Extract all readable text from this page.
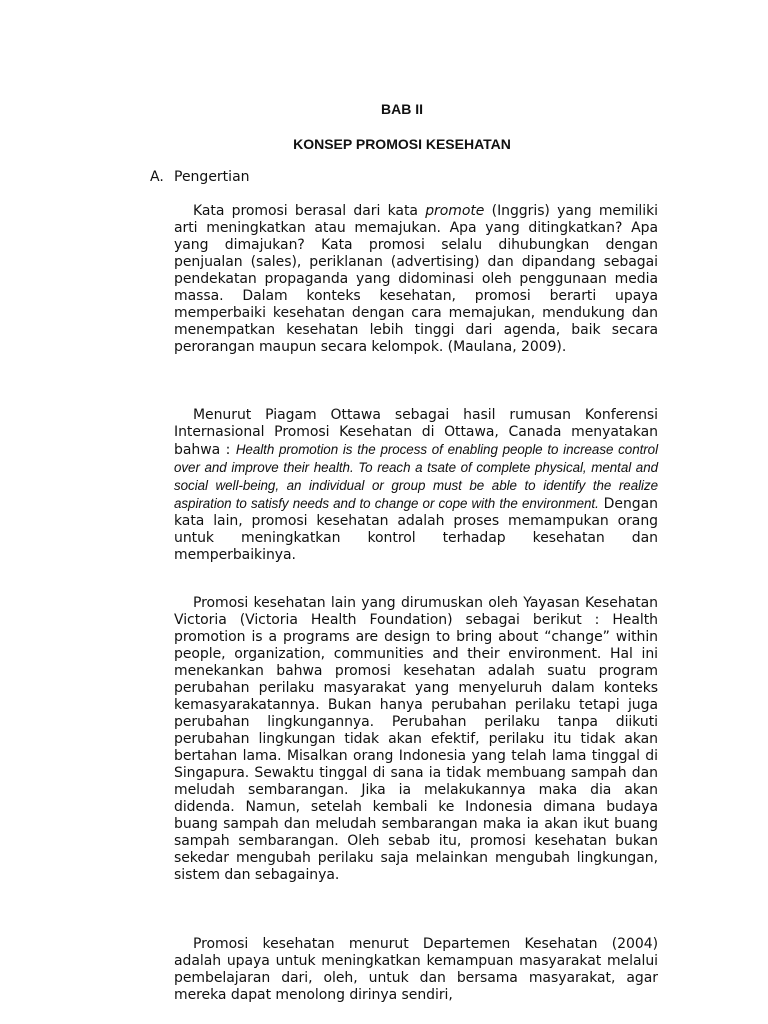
BAB II
KONSEP PROMOSI KESEHATAN
A. Pengertian

Kata promosi berasal dari kata promote (Inggris) yang memiliki arti meningkatkan atau memajukan. Apa yang ditingkatkan? Apa yang dimajukan? Kata promosi selalu dihubungkan dengan penjualan (sales), periklanan (advertising) dan dipandang sebagai pendekatan propaganda yang didominasi oleh penggunaan media massa. Dalam konteks kesehatan, promosi berarti upaya memperbaiki kesehatan dengan cara memajukan, mendukung dan menempatkan kesehatan lebih tinggi dari agenda, baik secara perorangan maupun secara kelompok. (Maulana, 2009).

Menurut Piagam Ottawa sebagai hasil rumusan Konferensi Internasional Promosi Kesehatan di Ottawa, Canada menyatakan bahwa : Health promotion is the process of enabling people to increase control over and improve their health. To reach a tsate of complete physical, mental and social well-being, an individual or group must be able to identify the realize aspiration to satisfy needs and to change or cope with the environment. Dengan kata lain, promosi kesehatan adalah proses memampukan orang untuk meningkatkan kontrol terhadap kesehatan dan memperbaikinya.

Promosi kesehatan lain yang dirumuskan oleh Yayasan Kesehatan Victoria (Victoria Health Foundation) sebagai berikut : Health promotion is a programs are design to bring about “change” within people, organization, communities and their environment. Hal ini menekankan bahwa promosi kesehatan adalah suatu program perubahan perilaku masyarakat yang menyeluruh dalam konteks kemasyarakatannya. Bukan hanya perubahan perilaku tetapi juga perubahan lingkungannya. Perubahan perilaku tanpa diikuti perubahan lingkungan tidak akan efektif, perilaku itu tidak akan bertahan lama. Misalkan orang Indonesia yang telah lama tinggal di Singapura. Sewaktu tinggal di sana ia tidak membuang sampah dan meludah sembarangan. Jika ia melakukannya maka dia akan didenda. Namun, setelah kembali ke Indonesia dimana budaya buang sampah dan meludah sembarangan maka ia akan ikut buang sampah sembarangan. Oleh sebab itu, promosi kesehatan bukan sekedar mengubah perilaku saja melainkan mengubah lingkungan, sistem dan sebagainya.

Promosi kesehatan menurut Departemen Kesehatan (2004) adalah upaya untuk meningkatkan kemampuan masyarakat melalui pembelajaran dari, oleh, untuk dan bersama masyarakat, agar mereka dapat menolong dirinya sendiri,
